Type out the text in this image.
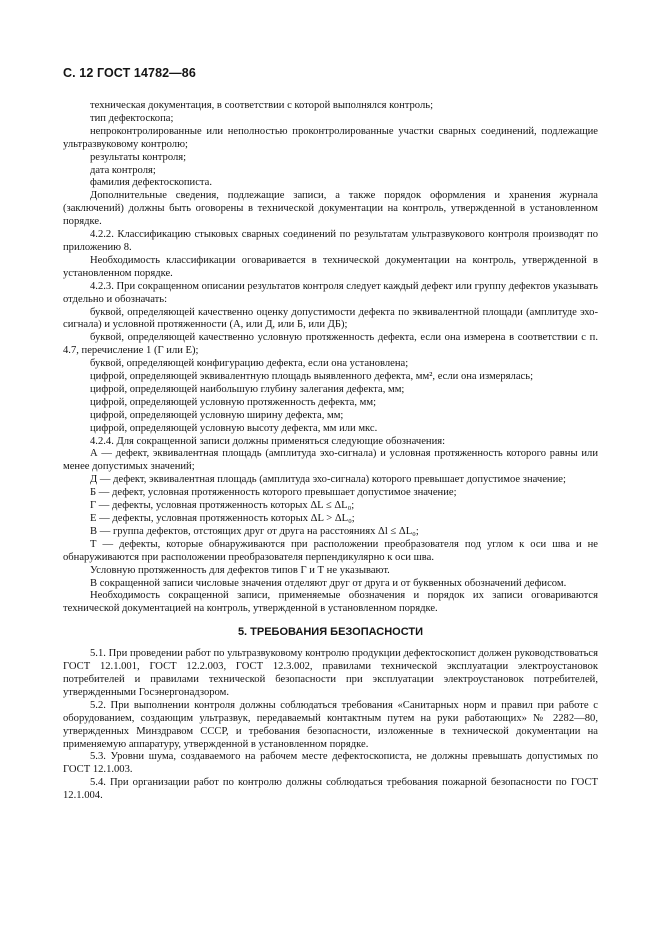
С. 12 ГОСТ 14782—86

техническая документация, в соответствии с которой выполнялся контроль;

тип дефектоскопа;

непроконтролированные или неполностью проконтролированные участки сварных соединений, подлежащие ультразвуковому контролю;

результаты контроля;

дата контроля;

фамилия дефектоскописта.

Дополнительные сведения, подлежащие записи, а также порядок оформления и хранения журнала (заключений) должны быть оговорены в технической документации на контроль, утвержденной в установленном порядке.

4.2.2. Классификацию стыковых сварных соединений по результатам ультразвукового контроля производят по приложению 8.

Необходимость классификации оговаривается в технической документации на контроль, утвержденной в установленном порядке.

4.2.3. При сокращенном описании результатов контроля следует каждый дефект или группу дефектов указывать отдельно и обозначать:

буквой, определяющей качественно оценку допустимости дефекта по эквивалентной площади (амплитуде эхо-сигнала) и условной протяженности (А, или Д, или Б, или ДБ);

буквой, определяющей качественно условную протяженность дефекта, если она измерена в соответствии с п. 4.7, перечисление 1 (Г или Е);

буквой, определяющей конфигурацию дефекта, если она установлена;

цифрой, определяющей эквивалентную площадь выявленного дефекта, мм², если она измерялась;

цифрой, определяющей наибольшую глубину залегания дефекта, мм;

цифрой, определяющей условную протяженность дефекта, мм;

цифрой, определяющей условную ширину дефекта, мм;

цифрой, определяющей условную высоту дефекта, мм или мкс.

4.2.4. Для сокращенной записи должны применяться следующие обозначения:

А — дефект, эквивалентная площадь (амплитуда эхо-сигнала) и условная протяженность которого равны или менее допустимых значений;

Д — дефект, эквивалентная площадь (амплитуда эхо-сигнала) которого превышает допустимое значение;

Б — дефект, условная протяженность которого превышает допустимое значение;

Г — дефекты, условная протяженность которых ΔL ≤ ΔL₀;

Е — дефекты, условная протяженность которых ΔL > ΔL₀;

В — группа дефектов, отстоящих друг от друга на расстояниях Δl ≤ ΔL₀;

Т — дефекты, которые обнаруживаются при расположении преобразователя под углом к оси шва и не обнаруживаются при расположении преобразователя перпендикулярно к оси шва.

Условную протяженность для дефектов типов Г и Т не указывают.

В сокращенной записи числовые значения отделяют друг от друга и от буквенных обозначений дефисом.

Необходимость сокращенной записи, применяемые обозначения и порядок их записи оговариваются технической документацией на контроль, утвержденной в установленном порядке.

5. ТРЕБОВАНИЯ БЕЗОПАСНОСТИ

5.1. При проведении работ по ультразвуковому контролю продукции дефектоскопист должен руководствоваться ГОСТ 12.1.001, ГОСТ 12.2.003, ГОСТ 12.3.002, правилами технической эксплуатации электроустановок потребителей и правилами технической безопасности при эксплуатации электроустановок потребителей, утвержденными Госэнергонадзором.

5.2. При выполнении контроля должны соблюдаться требования «Санитарных норм и правил при работе с оборудованием, создающим ультразвук, передаваемый контактным путем на руки работающих» № 2282—80, утвержденных Минздравом СССР, и требования безопасности, изложенные в технической документации на применяемую аппаратуру, утвержденной в установленном порядке.

5.3. Уровни шума, создаваемого на рабочем месте дефектоскописта, не должны превышать допустимых по ГОСТ 12.1.003.

5.4. При организации работ по контролю должны соблюдаться требования пожарной безопасности по ГОСТ 12.1.004.
